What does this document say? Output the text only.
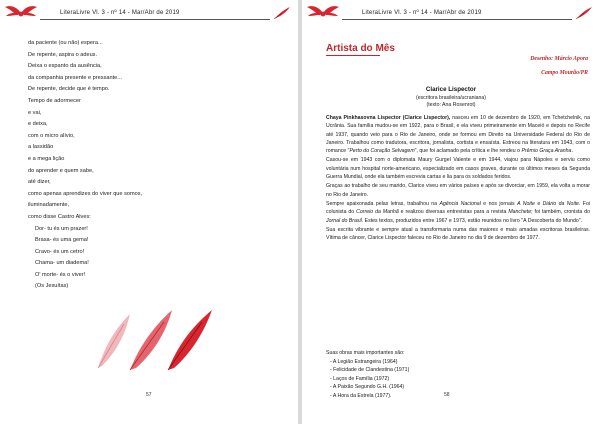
LiteraLivre Vl. 3 - nº 14 - Mar/Abr de 2019
da paciente (ou não) espera...
De repente, aspira o adeus.
Deixa o espanto da ausência,
da companhia presente e pressante...
De repente, decide que é tempo.
Tempo de adormecer
e vai,
e deixa,
com o micro alívio,
a lassidão
e a mega lição
do aprender e quem sabe,
até dizer,
como apenas aprendizes do viver que somos,
iluminadamente,
como disse Castro Alves:
Dor- tu és um prazer!
Brasa- és uma gema!
Cravo- és um cetro!
Chama- um diadema!
O' morte- és o viver!
(Os Jesuítas)
57
LiteraLivre Vl. 3 - nº 14 - Mar/Abr de 2019
Artista do Mês
Desenho: Márcio Apora
Campo Mourão/PR
Clarice Lispector
(escritora brasileira/ucraniana)
(texto: Ana Rosenrot)

Chaya Pinkhasovna Lispector (Clarice Lispector), nasceu em 10 de dezembro de 1920, em Tchetchelnik, na Ucrânia. Sua família mudou-se em 1922, para o Brasil, e ela viveu primeiramente em Maceió e depois no Recife até 1937, quando veio para o Rio de Janeiro, onde se formou em Direito na Universidade Federal do Rio de Janeiro. Trabalhou como tradutora, escritora, jornalista, cortista e ensaísta. Estreou na literatura em 1943, com o romance "Perto do Coração Selvagem", que foi aclamado pela crítica e lhe rendeu o Prêmio Graça Aranha.

Casou-se em 1943 com o diplomata Maury Gurgel Valente e em 1944, viajou para Nápoles e serviu como voluntária num hospital norte-americano, especializado em casos graves, durante os últimos meses da Segunda Guerra Mundial, onde ela também escrevia cartas e lia para os soldados feridos.

Graças ao trabalho de seu marido, Clarice viveu em vários países e após se divorciar, em 1959, ela volta a morar no Rio de Janeiro.

Sempre apaixonada pelas letras, trabalhou na Agência Nacional e nos jornais A Noite e Diário da Noite. Foi colunista do Correio da Manhã e realizou diversas entrevistas para a revista Manchete; foi também, cronista do Jornal do Brasil. Estes textos, produzidos entre 1967 e 1973, estão reunidos no livro "A Descoberta do Mundo".

Sua escrita vibrante e sempre atual a transformaria numa das maiores e mais amadas escritoras brasileiras. Vítima de câncer, Clarice Lispector faleceu no Rio de Janeiro no dia 9 de dezembro de 1977.

Suas obras mais importantes são:
- A Legião Estrangeira (1964)
- Felicidade de Clandestina (1971)
- Laços de Família (1972)
- A Paixão Segundo G.H. (1964)
- A Hora da Estrela (1977).	58
